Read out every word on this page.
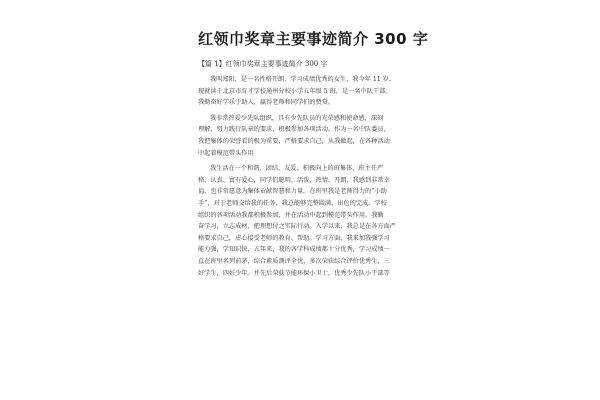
红领巾奖章主要事迹简介 300 字
【篇 1】红领巾奖章主要事迹简介 300 字
我叫郑阳，是一名性格开朗、学习成绩优秀的女生，我今年 11 岁，
现就读于北京市育才学校通州分校小学五年级 5 班，是一名中队干部。
我勤奋好学乐于助人，赢得老师和同学们的赞赏。
我非常热爱少先队组织，具有少先队员的光荣感和使命感，深刻
理解、努力践行队章的要求，积极参加各项活动。作为一名中队委员，
我把集体的荣誉看的极为重要，严格要求自己，从我做起，在各种活动
中起着模范带头作用
我生活在一个和谐、团结、友爱、积极向上的班集体，班主任严
格、认真、富有爱心，同学们聪明、活泼、热情、开朗，我感到非常幸
福，也非常愿意为集体贡献智慧和力量。在班里我是老师得力的“小助
手”，对于老师交给我的任务，我总能够完整圆满，出色的完成。学校
组织的各项活动我都积极参加，并在活动中起到模范带头作用。我勤
奋学习，立志成材，把理想付之实际行动。入学以来，我总是在各方面严
格要求自己，虚心接受老师的教育、帮助。学习方面，我来加我强学习
能力强，学知识快，五年来，我的各学科成绩都十分优秀，学习成绩一
直在班里名列前茅，综合素质测评全优，多次荣获综合评价优秀生，三
好学生，四好少年。并先后荣获节能环保小卫士，优秀少先队小干部等
